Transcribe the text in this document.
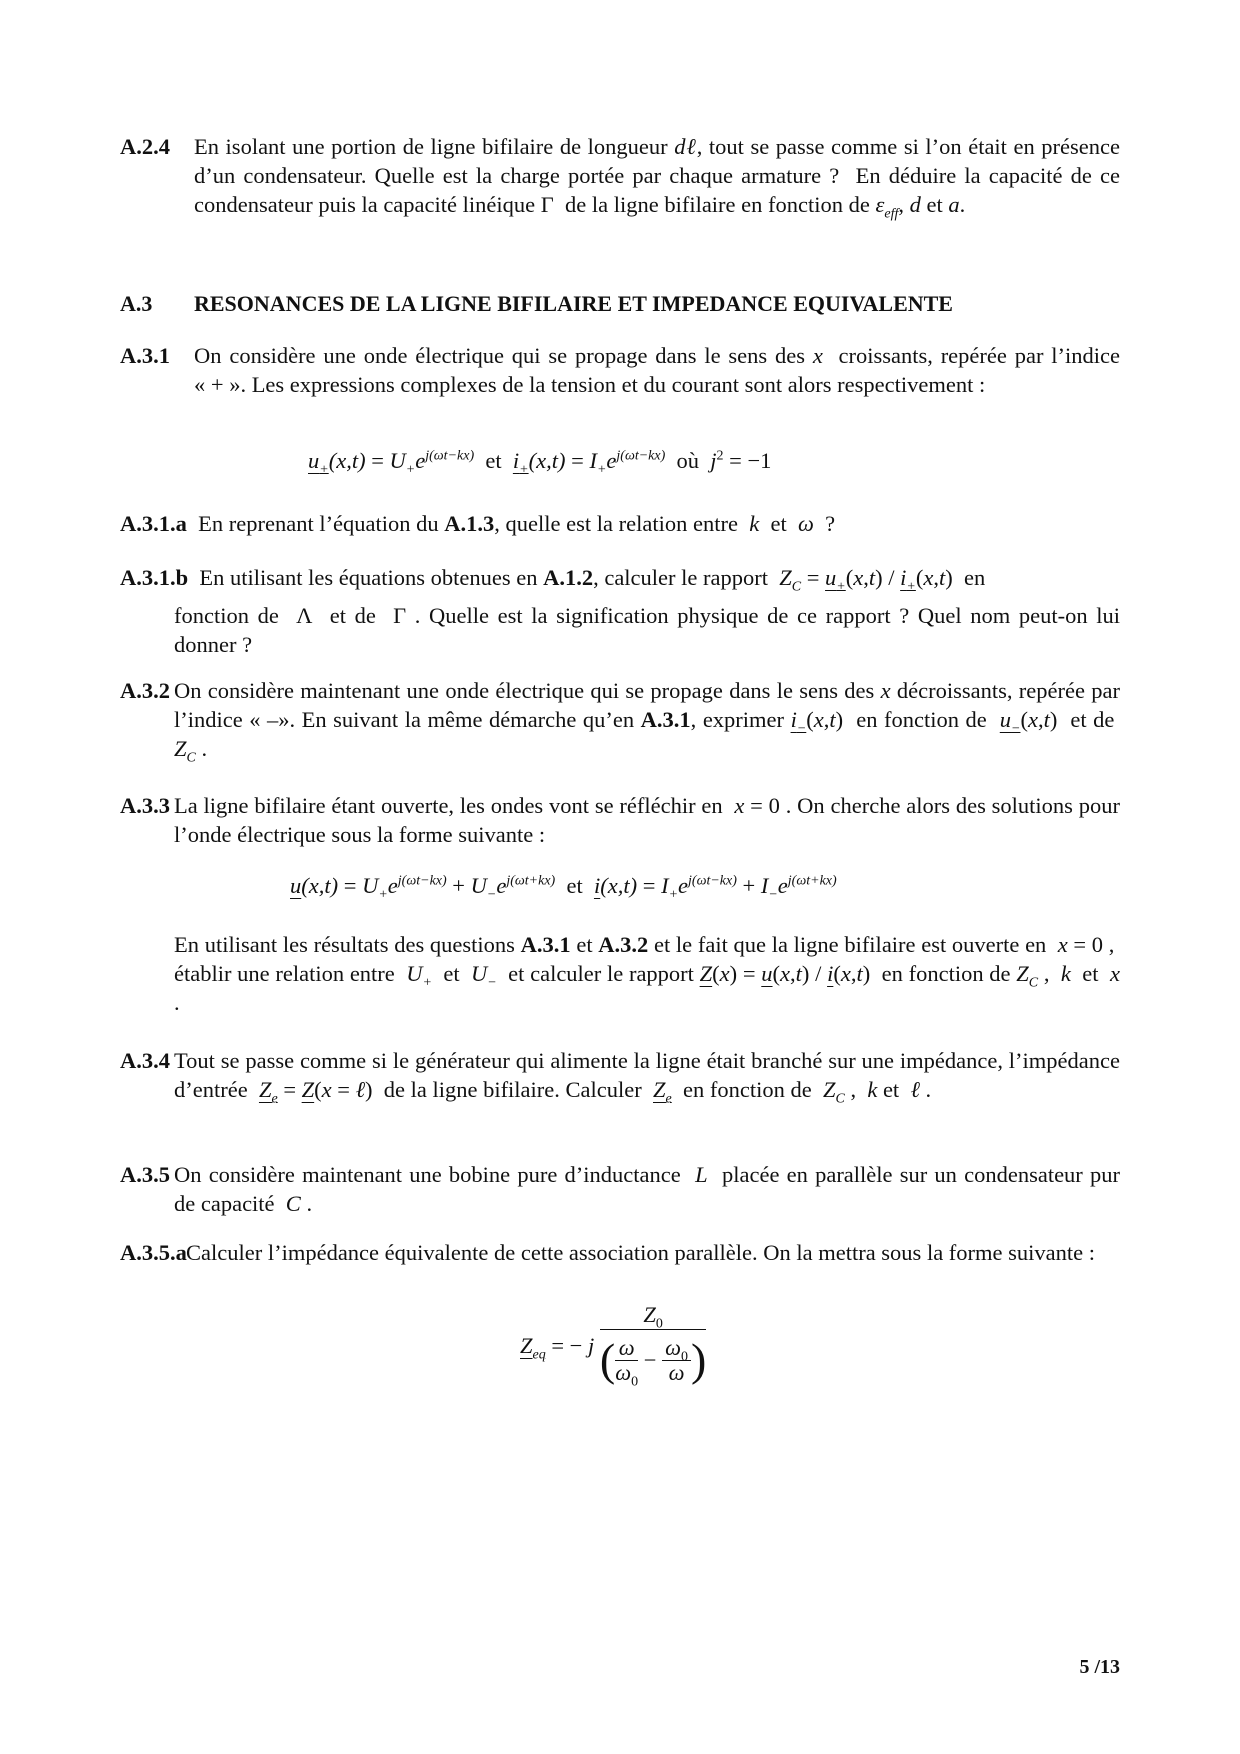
A.2.4	En isolant une portion de ligne bifilaire de longueur dℓ, tout se passe comme si l’on était en présence d’un condensateur. Quelle est la charge portée par chaque armature ?  En déduire la capacité de ce condensateur puis la capacité linéique Γ  de la ligne bifilaire en fonction de $\varepsilon_{eff}$, d et a.
A.3 RESONANCES DE LA LIGNE BIFILAIRE ET IMPEDANCE EQUIVALENTE
A.3.1	On considère une onde électrique qui se propage dans le sens des x  croissants, repérée par l’indice « + ». Les expressions complexes de la tension et du courant sont alors respectivement :
$u_+(x,t) = U_+e^{j(\omega t-kx)}$  et  $i_+(x,t) = I_+e^{j(\omega t-kx)}$  où  $j^2 = -1$
A.3.1.a  En reprenant l’équation du A.1.3, quelle est la relation entre  k  et  ω  ?
A.3.1.b  En utilisant les équations obtenues en A.1.2, calculer le rapport  $Z_C = u_+(x,t) / i_+(x,t)$  en
fonction de  Λ  et de  Γ . Quelle est la signification physique de ce rapport ? Quel nom peut-on lui donner ?
A.3.2 On considère maintenant une onde électrique qui se propage dans le sens des x décroissants, repérée par l’indice « –». En suivant la même démarche qu’en A.3.1, exprimer $i_-(x,t)$  en fonction de  $u_-(x,t)$  et de  $Z_C$ .
A.3.3 La ligne bifilaire étant ouverte, les ondes vont se réfléchir en  x = 0 . On cherche alors des solutions pour l’onde électrique sous la forme suivante :
$u(x,t) = U_+e^{j(\omega t-kx)} + U_-e^{j(\omega t+kx)}$  et  $i(x,t) = I_+e^{j(\omega t-kx)} + I_-e^{j(\omega t+kx)}$
En utilisant les résultats des questions A.3.1 et A.3.2 et le fait que la ligne bifilaire est ouverte en  x = 0 ,  établir une relation entre  $U_+$  et  $U_-$  et calculer le rapport Z(x) = u(x,t) / i(x,t)  en fonction de $Z_C$ ,  k  et  x .
A.3.4 Tout se passe comme si le générateur qui alimente la ligne était branché sur une impédance, l’impédance d’entrée  $Z_e = Z(x$ = ℓ)  de la ligne bifilaire. Calculer  $Z_e$  en fonction de  $Z_C$ ,  k et  ℓ .
A.3.5 On considère maintenant une bobine pure d’inductance  L  placée en parallèle sur un condensateur pur de capacité  C .
A.3.5.a Calculer l’impédance équivalente de cette association parallèle. On la mettra sous la forme suivante :
$Z_{eq}$ = − j $\frac{Z_0}{( \frac{\omega}{\omega_0} - \frac{\omega_0}{\omega} )}$
5 /13
